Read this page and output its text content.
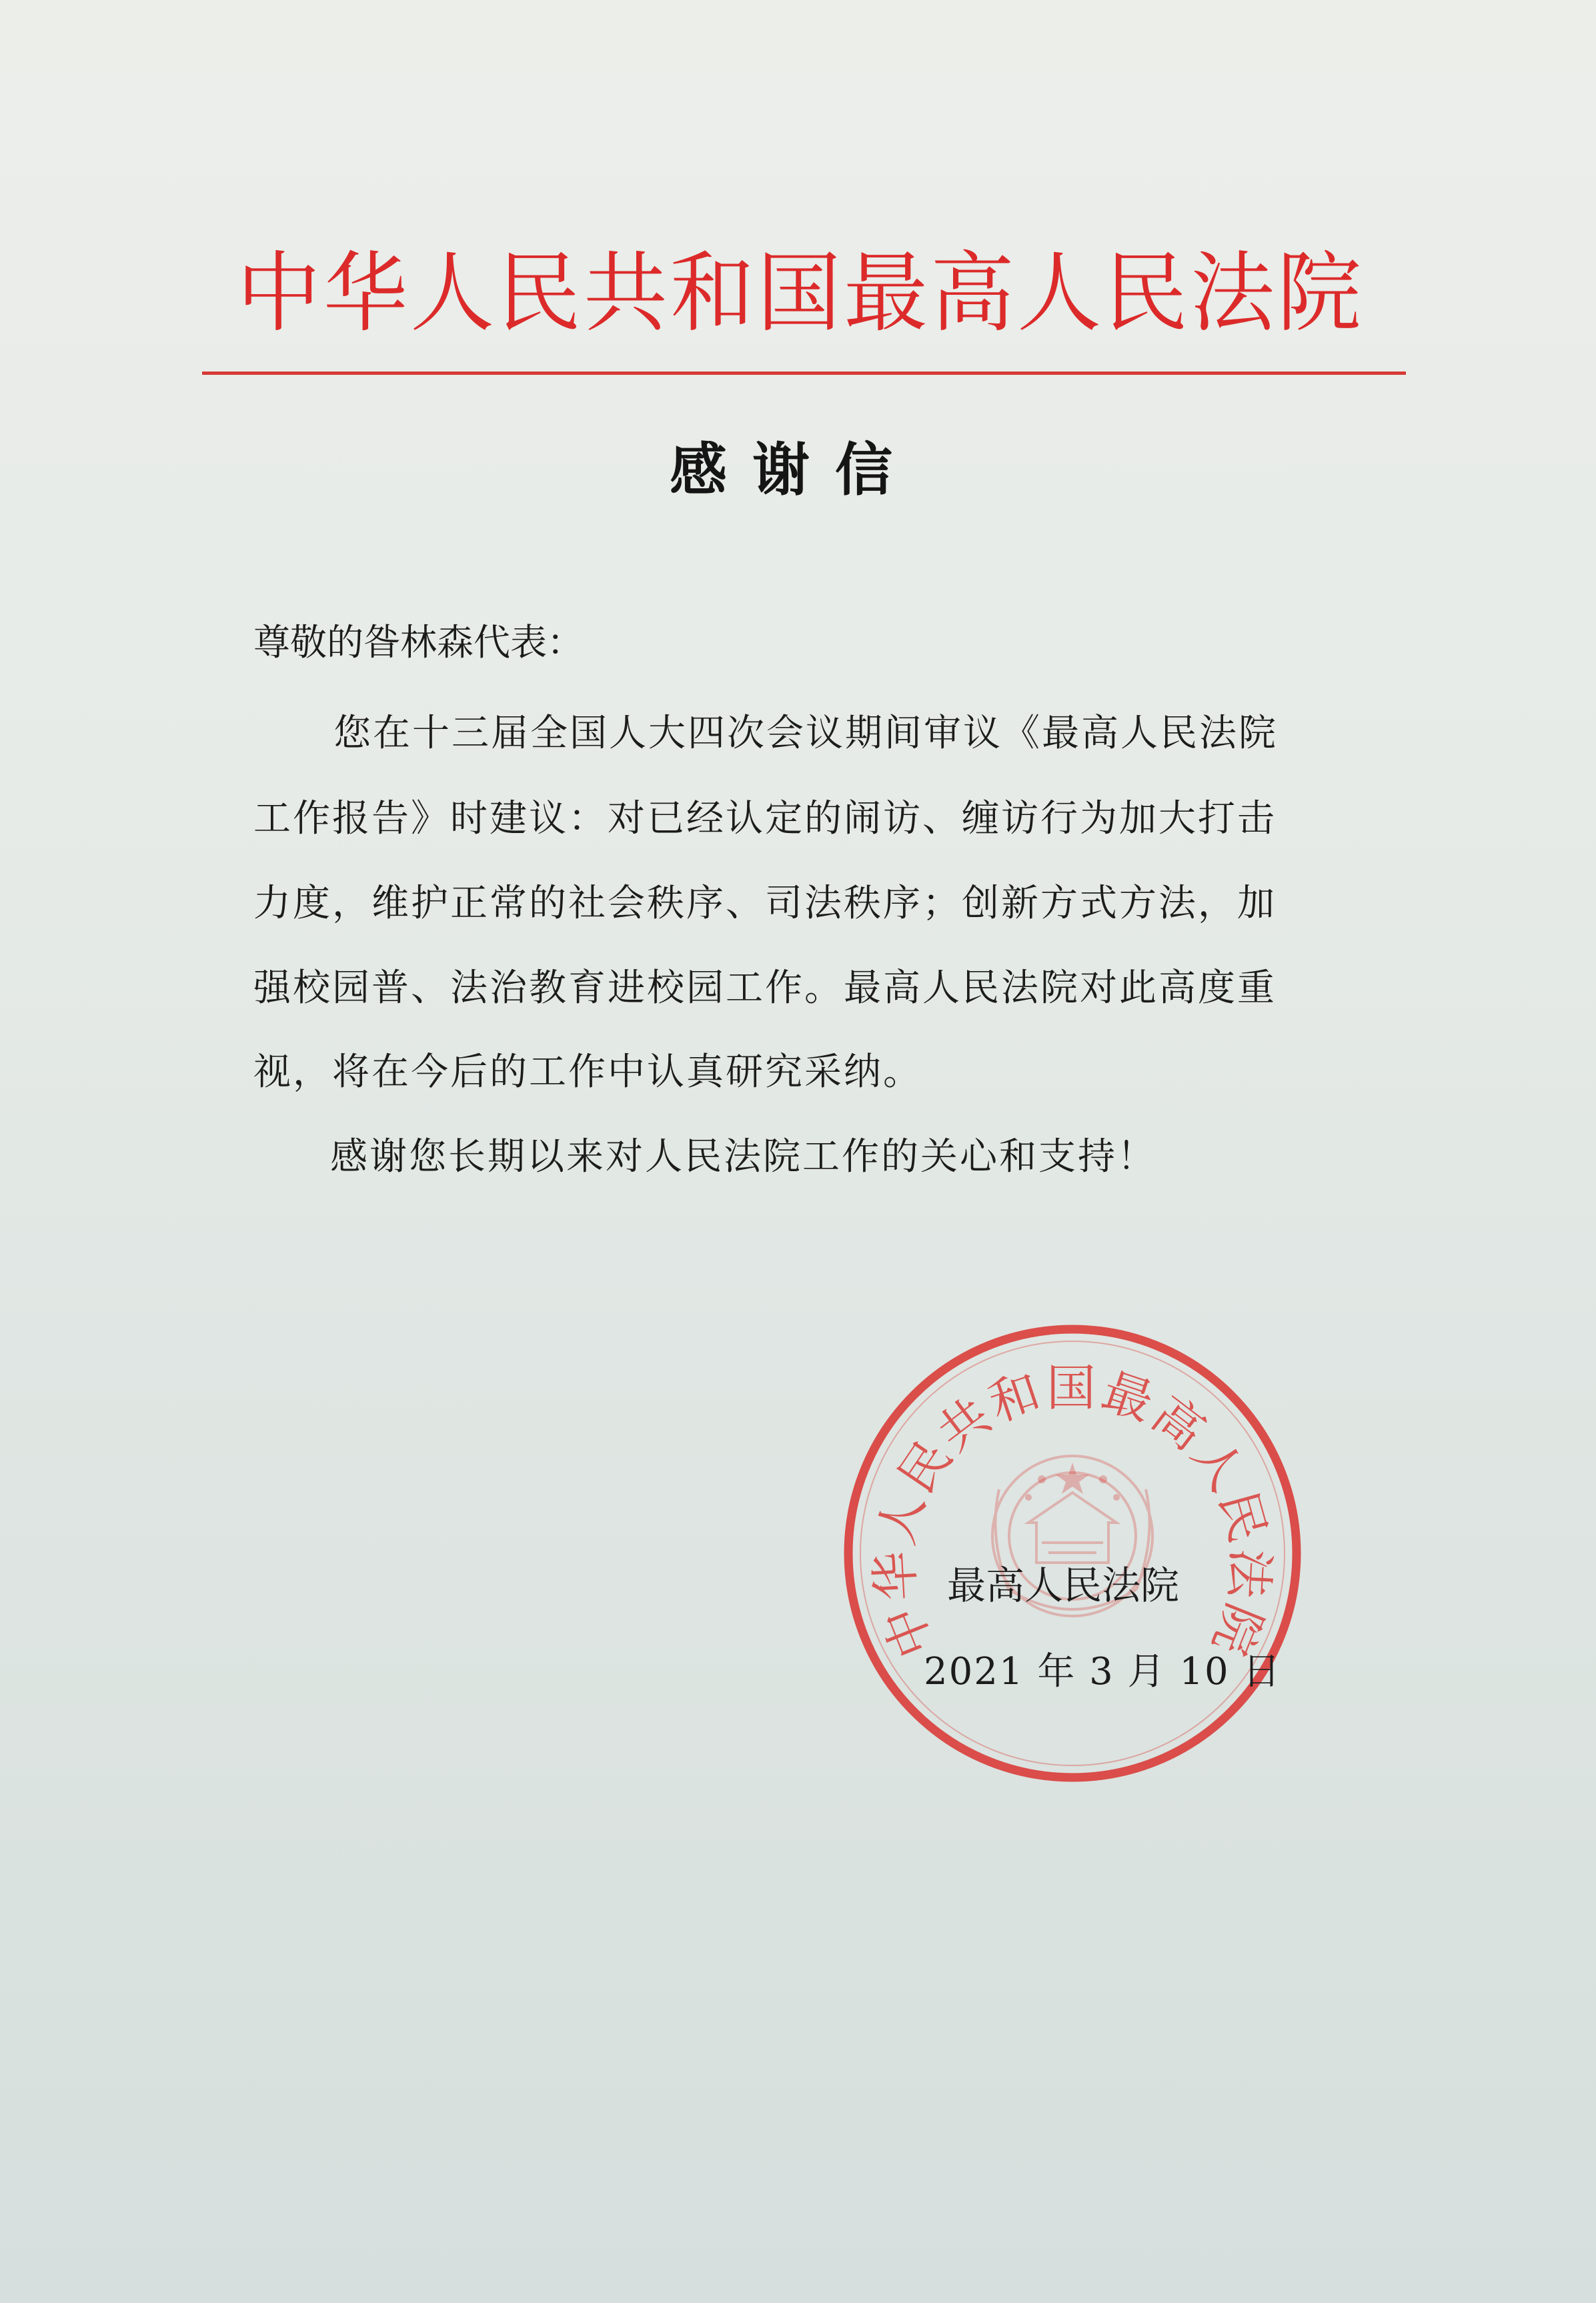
中华人民共和国最高人民法院
感谢信
尊敬的昝林森代表：
您在十三届全国人大四次会议期间审议《最高人民法院
工作报告》时建议：对已经认定的闹访、缠访行为加大打击
力度，维护正常的社会秩序、司法秩序；创新方式方法，加
强校园普、法治教育进校园工作。最高人民法院对此高度重
视，将在今后的工作中认真研究采纳。
感谢您长期以来对人民法院工作的关心和支持！
中华人民共和国最高人民法院
最高人民法院
2021 年 3 月 10 日
